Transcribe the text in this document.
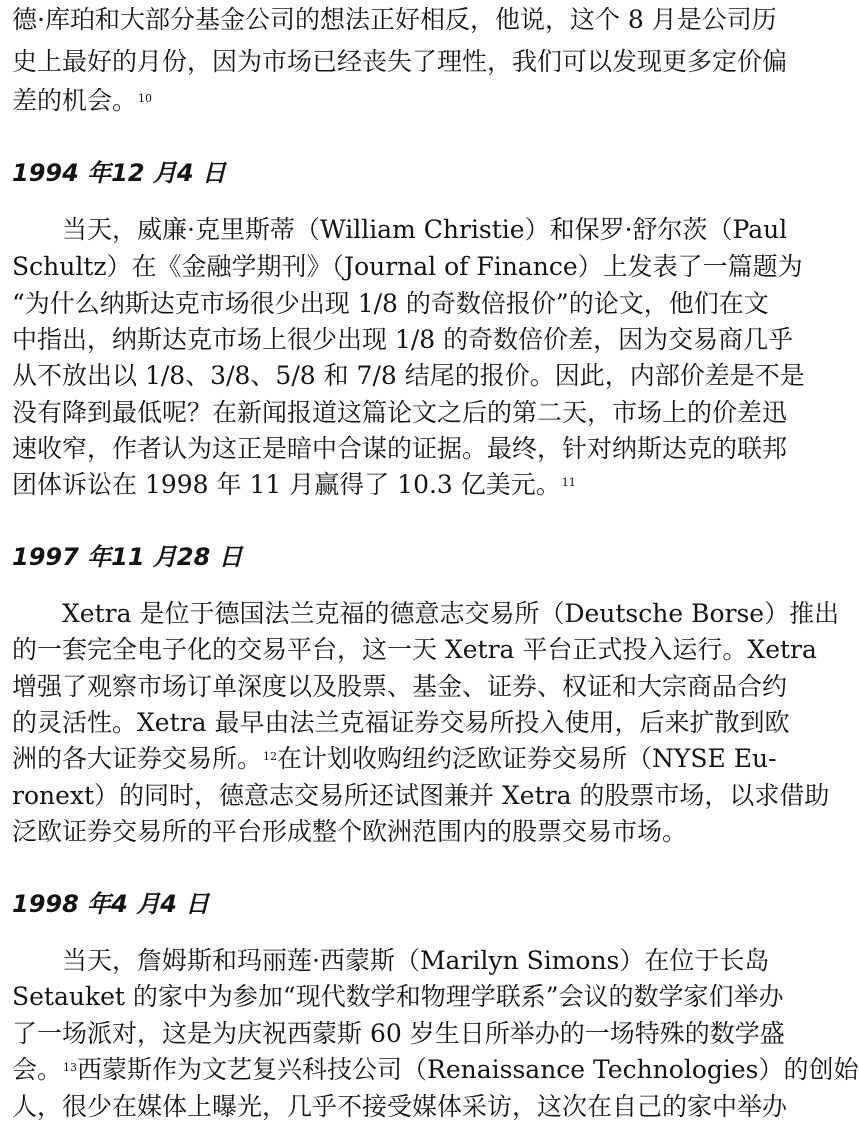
德·库珀和大部分基金公司的想法正好相反，他说，这个 8 月是公司历
史上最好的月份，因为市场已经丧失了理性，我们可以发现更多定价偏
差的机会。$^{10}$
1994 年12 月4 日
当天，威廉·克里斯蒂（William Christie）和保罗·舒尔茨（Paul
Schultz）在《金融学期刊》（Journal of Finance）上发表了一篇题为
“为什么纳斯达克市场很少出现 1/8 的奇数倍报价”的论文，他们在文
中指出，纳斯达克市场上很少出现 1/8 的奇数倍价差，因为交易商几乎
从不放出以 1/8、3/8、5/8 和 7/8 结尾的报价。因此，内部价差是不是
没有降到最低呢？在新闻报道这篇论文之后的第二天，市场上的价差迅
速收窄，作者认为这正是暗中合谋的证据。最终，针对纳斯达克的联邦
团体诉讼在 1998 年 11 月赢得了 10.3 亿美元。$^{11}$
1997 年11 月28 日
Xetra 是位于德国法兰克福的德意志交易所（Deutsche Borse）推出
的一套完全电子化的交易平台，这一天 Xetra 平台正式投入运行。Xetra
增强了观察市场订单深度以及股票、基金、证券、权证和大宗商品合约
的灵活性。Xetra 最早由法兰克福证券交易所投入使用，后来扩散到欧
洲的各大证券交易所。$^{12}$在计划收购纽约泛欧证券交易所（NYSE Eu-
ronext）的同时，德意志交易所还试图兼并 Xetra 的股票市场，以求借助
泛欧证券交易所的平台形成整个欧洲范围内的股票交易市场。
1998 年4 月4 日
当天，詹姆斯和玛丽莲·西蒙斯（Marilyn Simons）在位于长岛
Setauket 的家中为参加“现代数学和物理学联系”会议的数学家们举办
了一场派对，这是为庆祝西蒙斯 60 岁生日所举办的一场特殊的数学盛
会。$^{13}$西蒙斯作为文艺复兴科技公司（Renaissance Technologies）的创始
人，很少在媒体上曝光，几乎不接受媒体采访，这次在自己的家中举办
